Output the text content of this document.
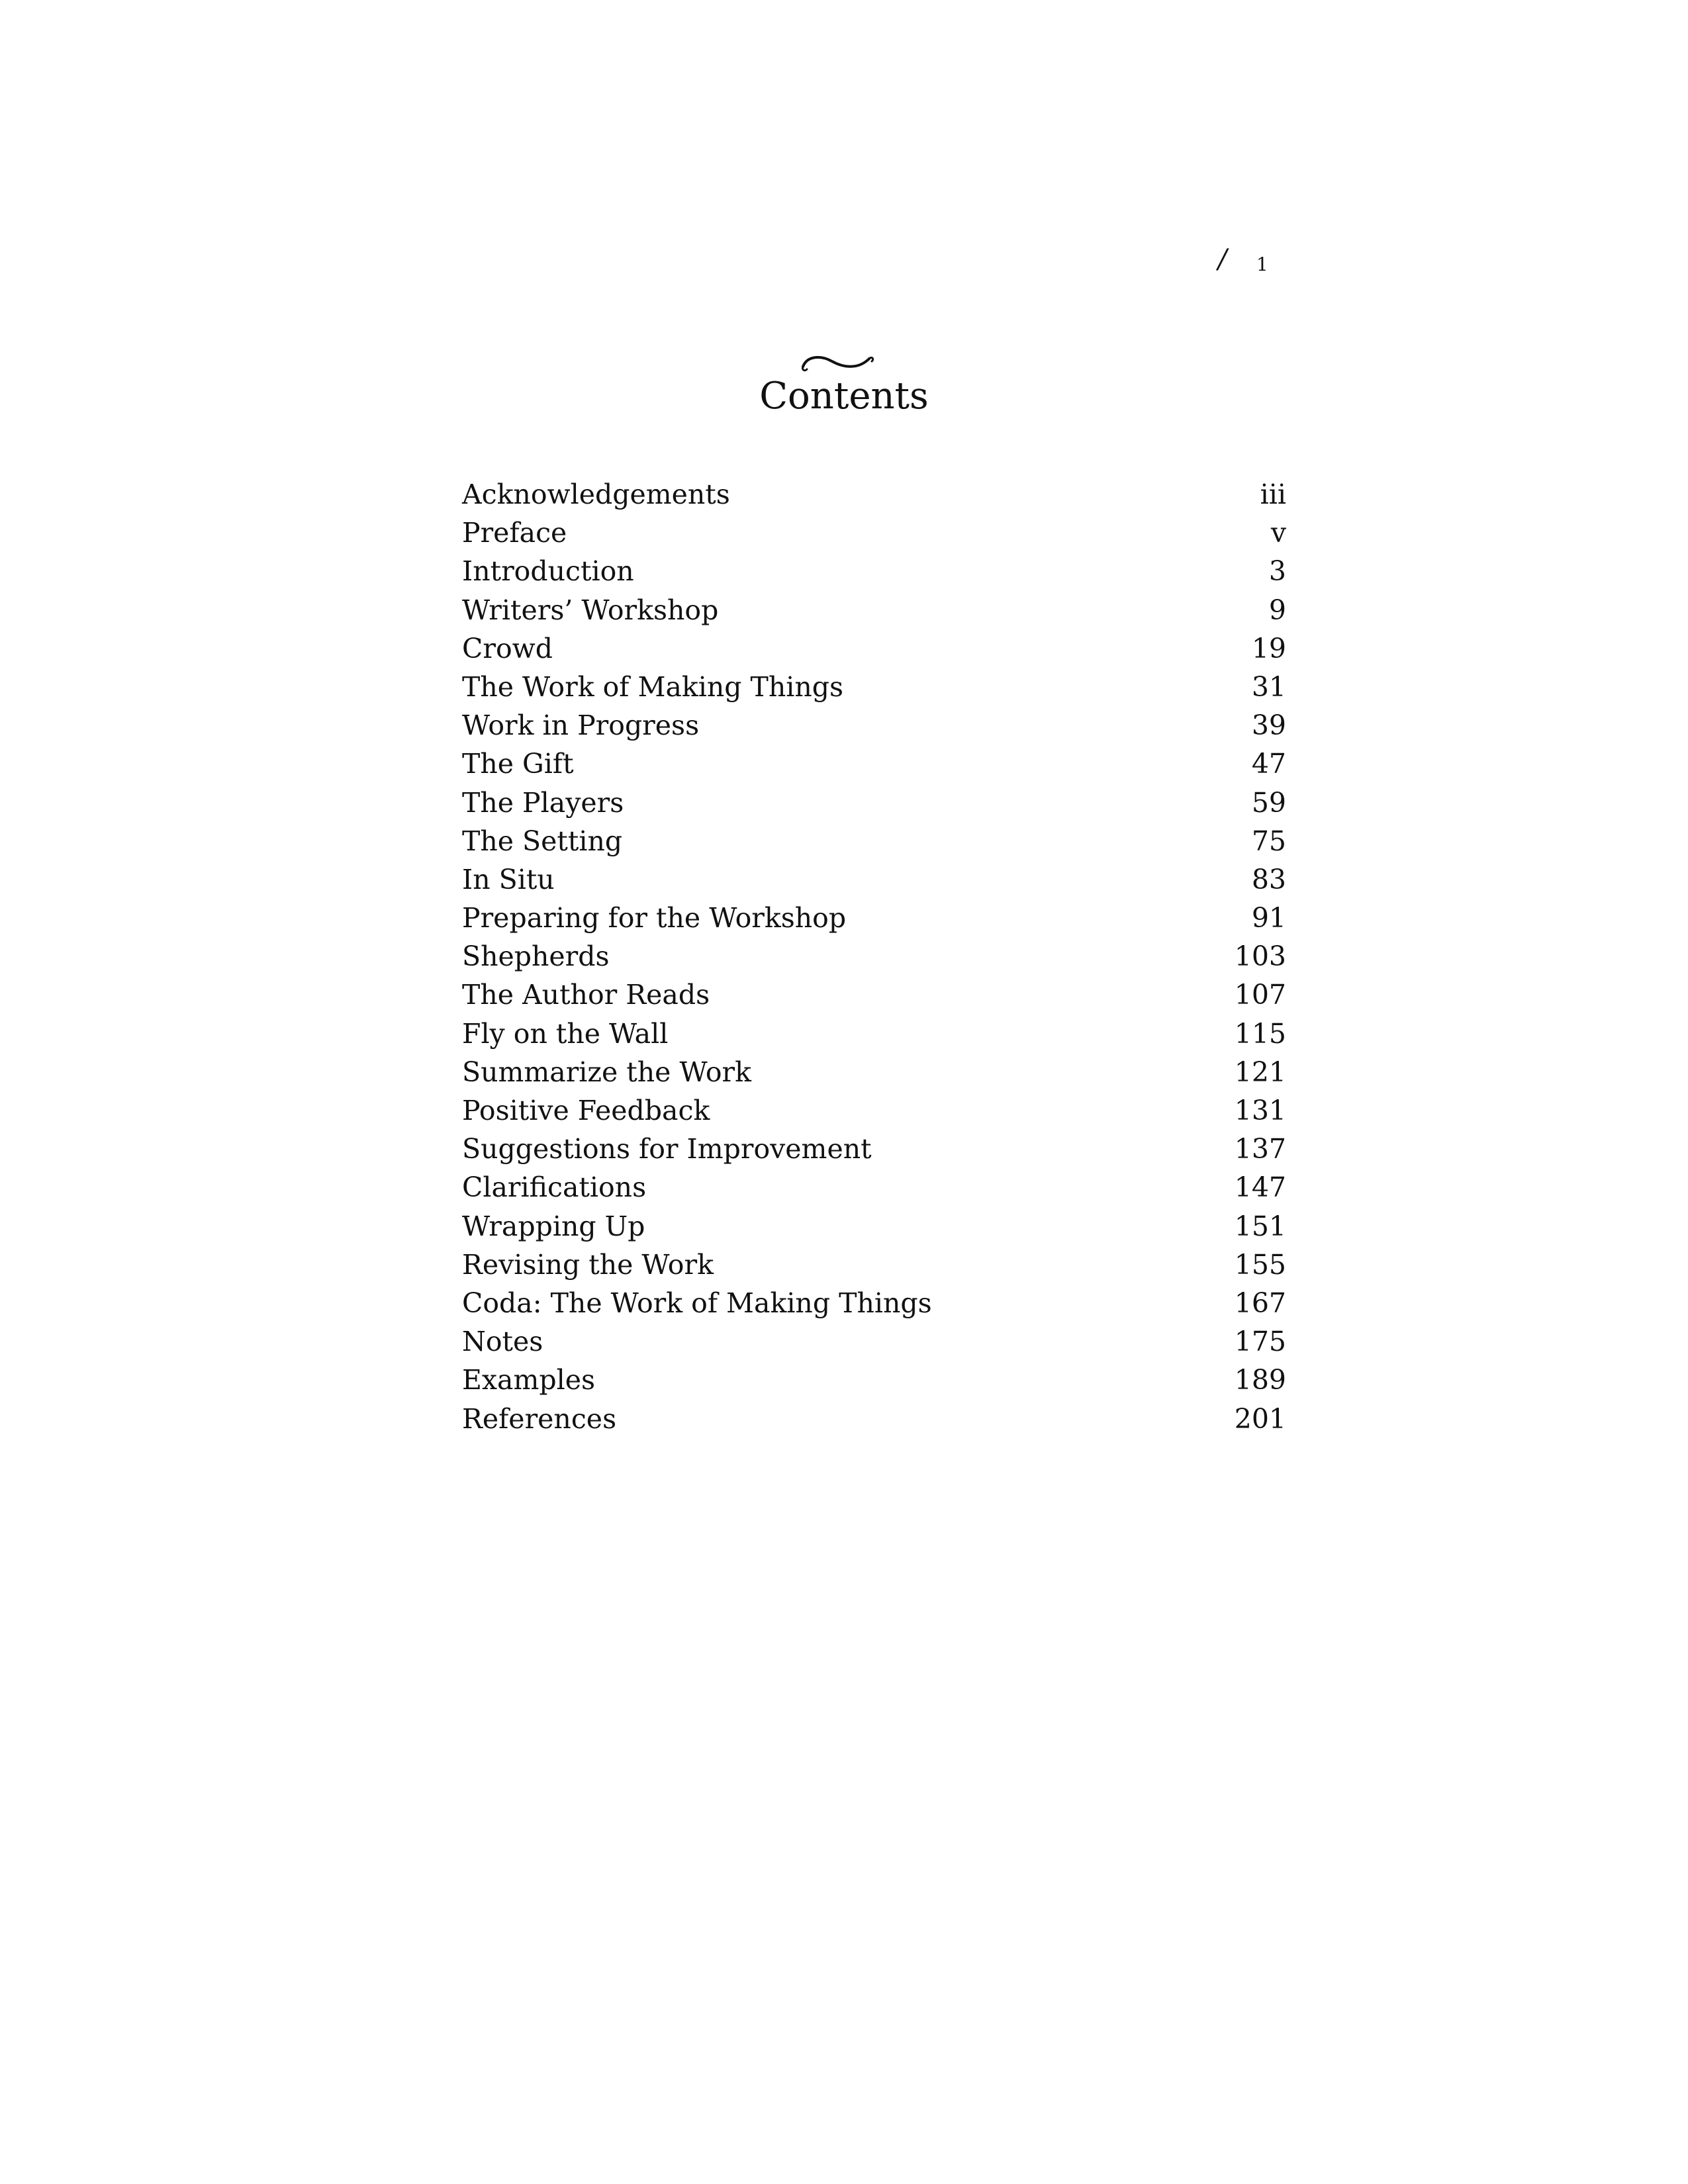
/ 1
Contents
Acknowledgements	iii
Preface	v
Introduction	3
Writers’ Workshop	9
Crowd	19
The Work of Making Things	31
Work in Progress	39
The Gift	47
The Players	59
The Setting	75
In Situ	83
Preparing for the Workshop	91
Shepherds	103
The Author Reads	107
Fly on the Wall	115
Summarize the Work	121
Positive Feedback	131
Suggestions for Improvement	137
Clarifications	147
Wrapping Up	151
Revising the Work	155
Coda: The Work of Making Things	167
Notes	175
Examples	189
References	201
